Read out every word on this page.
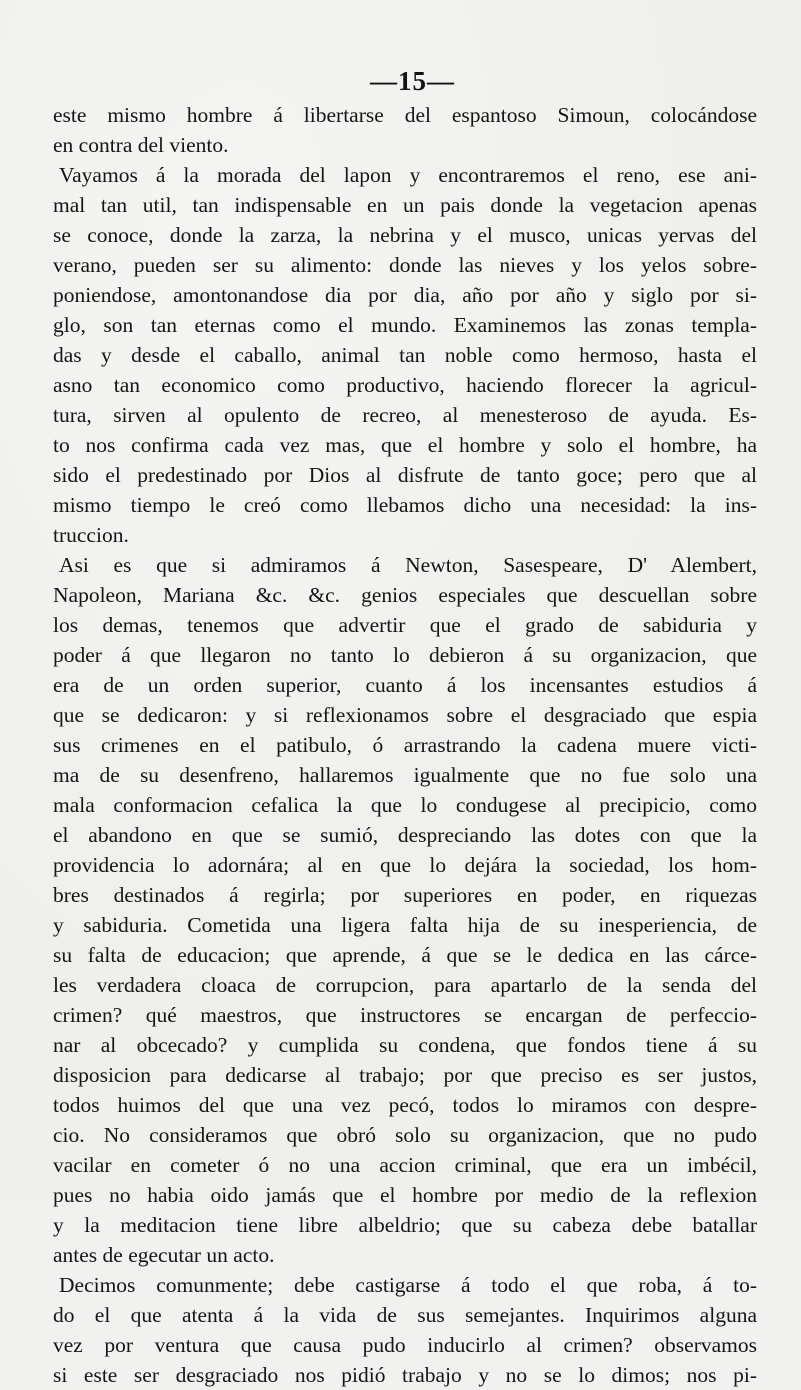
—15—
este mismo hombre á libertarse del espantoso Simoun, colocándose
en contra del viento.
Vayamos á la morada del lapon y encontraremos el reno, ese ani-
mal tan util, tan indispensable en un pais donde la vegetacion apenas
se conoce, donde la zarza, la nebrina y el musco, unicas yervas del
verano, pueden ser su alimento: donde las nieves y los yelos sobre-
poniendose, amontonandose dia por dia, año por año y siglo por si-
glo, son tan eternas como el mundo. Examinemos las zonas templa-
das y desde el caballo, animal tan noble como hermoso, hasta el
asno tan economico como productivo, haciendo florecer la agricul-
tura, sirven al opulento de recreo, al menesteroso de ayuda. Es-
to nos confirma cada vez mas, que el hombre y solo el hombre, ha
sido el predestinado por Dios al disfrute de tanto goce; pero que al
mismo tiempo le creó como llebamos dicho una necesidad: la ins-
truccion.
Asi es que si admiramos á Newton, Sasespeare, D' Alembert,
Napoleon, Mariana &c. &c. genios especiales que descuellan sobre
los demas, tenemos que advertir que el grado de sabiduria y
poder á que llegaron no tanto lo debieron á su organizacion, que
era de un orden superior, cuanto á los incensantes estudios á
que se dedicaron: y si reflexionamos sobre el desgraciado que espia
sus crimenes en el patibulo, ó arrastrando la cadena muere victi-
ma de su desenfreno, hallaremos igualmente que no fue solo una
mala conformacion cefalica la que lo condugese al precipicio, como
el abandono en que se sumió, despreciando las dotes con que la
providencia lo adornára; al en que lo dejára la sociedad, los hom-
bres destinados á regirla; por superiores en poder, en riquezas
y sabiduria. Cometida una ligera falta hija de su inesperiencia, de
su falta de educacion; que aprende, á que se le dedica en las cárce-
les verdadera cloaca de corrupcion, para apartarlo de la senda del
crimen? qué maestros, que instructores se encargan de perfeccio-
nar al obcecado? y cumplida su condena, que fondos tiene á su
disposicion para dedicarse al trabajo; por que preciso es ser justos,
todos huimos del que una vez pecó, todos lo miramos con despre-
cio. No consideramos que obró solo su organizacion, que no pudo
vacilar en cometer ó no una accion criminal, que era un imbécil,
pues no habia oido jamás que el hombre por medio de la reflexion
y la meditacion tiene libre albeldrio; que su cabeza debe batallar
antes de egecutar un acto.
Decimos comunmente; debe castigarse á todo el que roba, á to-
do el que atenta á la vida de sus semejantes. Inquirimos alguna
vez por ventura que causa pudo inducirlo al crimen? observamos
si este ser desgraciado nos pidió trabajo y no se lo dimos; nos pi-
